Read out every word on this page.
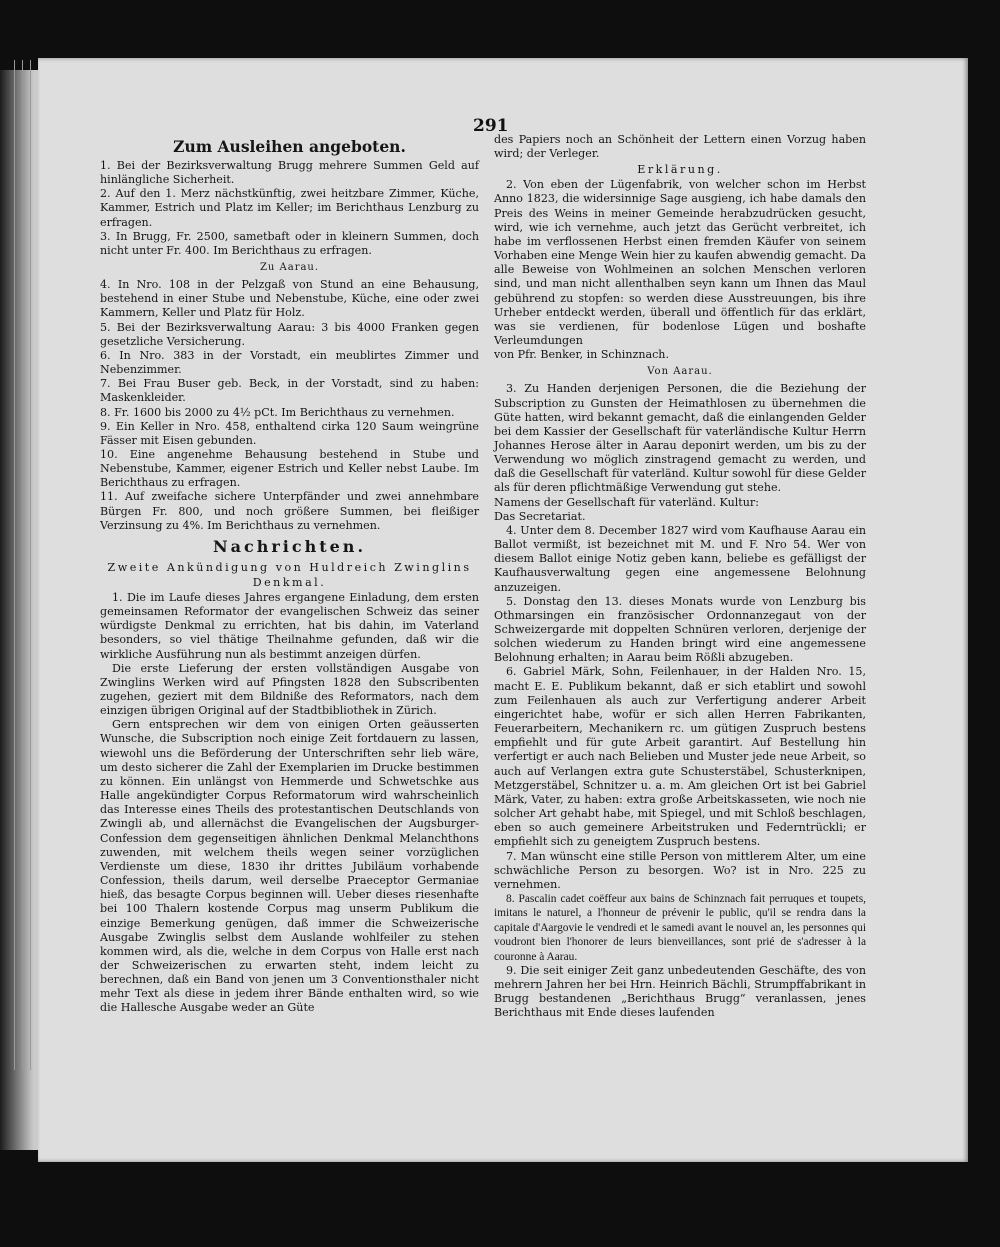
291
Zum Ausleihen angeboten.

1. Bei der Bezirksverwaltung Brugg mehrere Summen Geld auf hinlängliche Sicherheit.

2. Auf den 1. Merz nächstkünftig, zwei heitzbare Zimmer, Küche, Kammer, Estrich und Platz im Keller; im Berichthaus Lenzburg zu erfragen.

3. In Brugg, Fr. 2500, sametbaft oder in kleinern Summen, doch nicht unter Fr. 400. Im Berichthaus zu erfragen.

Zu Aarau.

4. In Nro. 108 in der Pelzgaß von Stund an eine Behausung, bestehend in einer Stube und Nebenstube, Küche, eine oder zwei Kammern, Keller und Platz für Holz.

5. Bei der Bezirksverwaltung Aarau: 3 bis 4000 Franken gegen gesetzliche Versicherung.

6. In Nro. 383 in der Vorstadt, ein meublirtes Zimmer und Nebenzimmer.

7. Bei Frau Buser geb. Beck, in der Vorstadt, sind zu haben: Maskenkleider.

8. Fr. 1600 bis 2000 zu 4½ pCt. Im Berichthaus zu vernehmen.

9. Ein Keller in Nro. 458, enthaltend cirka 120 Saum weingrüne Fässer mit Eisen gebunden.

10. Eine angenehme Behausung bestehend in Stube und Nebenstube, Kammer, eigener Estrich und Keller nebst Laube. Im Berichthaus zu erfragen.

11. Auf zweifache sichere Unterpfänder und zwei annehmbare Bürgen Fr. 800, und noch größere Summen, bei fleißiger Verzinsung zu 4%. Im Berichthaus zu vernehmen.

Nachrichten.
Zweite Ankündigung von Huldreich Zwinglins Denkmal.

1. Die im Laufe dieses Jahres ergangene Einladung, dem ersten gemeinsamen Reformator der evangelischen Schweiz das seiner würdigste Denkmal zu errichten, hat bis dahin, im Vaterland besonders, so viel thätige Theilnahme gefunden, daß wir die wirkliche Ausführung nun als bestimmt anzeigen dürfen.

Die erste Lieferung der ersten vollständigen Ausgabe von Zwinglins Werken wird auf Pfingsten 1828 den Subscribenten zugehen, geziert mit dem Bildniße des Reformators, nach dem einzigen übrigen Original auf der Stadtbibliothek in Zürich.

Gern entsprechen wir dem von einigen Orten geäusserten Wunsche, die Subscription noch einige Zeit fortdauern zu lassen, wiewohl uns die Beförderung der Unterschriften sehr lieb wäre, um desto sicherer die Zahl der Exemplarien im Drucke bestimmen zu können. Ein unlängst von Hemmerde und Schwetschke aus Halle angekündigter Corpus Reformatorum wird wahrscheinlich das Interesse eines Theils des protestantischen Deutschlands von Zwingli ab, und allernächst die Evangelischen der Augsburger-Confession dem gegenseitigen ähnlichen Denkmal Melanchthons zuwenden, mit welchem theils wegen seiner vorzüglichen Verdienste um diese, 1830 ihr drittes Jubiläum vorhabende Confession, theils darum, weil derselbe Praeceptor Germaniae hieß, das besagte Corpus beginnen will. Ueber dieses riesenhafte bei 100 Thalern kostende Corpus mag unserm Publikum die einzige Bemerkung genügen, daß immer die Schweizerische Ausgabe Zwinglis selbst dem Auslande wohlfeiler zu stehen kommen wird, als die, welche in dem Corpus von Halle erst nach der Schweizerischen zu erwarten steht, indem leicht zu berechnen, daß ein Band von jenen um 3 Conventionsthaler nicht mehr Text als diese in jedem ihrer Bände enthalten wird, so wie die Hallesche Ausgabe weder an Güte

des Papiers noch an Schönheit der Lettern einen Vorzug haben wird; der Verleger.

Erklärung.

2. Von eben der Lügenfabrik, von welcher schon im Herbst Anno 1823, die widersinnige Sage ausgieng, ich habe damals den Preis des Weins in meiner Gemeinde herabzudrücken gesucht, wird, wie ich vernehme, auch jetzt das Gerücht verbreitet, ich habe im verflossenen Herbst einen fremden Käufer von seinem Vorhaben eine Menge Wein hier zu kaufen abwendig gemacht. Da alle Beweise von Wohlmeinen an solchen Menschen verloren sind, und man nicht allenthalben seyn kann um Ihnen das Maul gebührend zu stopfen: so werden diese Ausstreuungen, bis ihre Urheber entdeckt werden, überall und öffentlich für das erklärt, was sie verdienen, für bodenlose Lügen und boshafte Verleumdungen

von Pfr. Benker, in Schinznach.

Von Aarau.

3. Zu Handen derjenigen Personen, die die Beziehung der Subscription zu Gunsten der Heimathlosen zu übernehmen die Güte hatten, wird bekannt gemacht, daß die einlangenden Gelder bei dem Kassier der Gesellschaft für vaterländische Kultur Herrn Johannes Herose älter in Aarau deponirt werden, um bis zu der Verwendung wo möglich zinstragend gemacht zu werden, und daß die Gesellschaft für vaterländ. Kultur sowohl für diese Gelder als für deren pflichtmäßige Verwendung gut stehe.

Namens der Gesellschaft für vaterländ. Kultur:

Das Secretariat.

4. Unter dem 8. December 1827 wird vom Kaufhause Aarau ein Ballot vermißt, ist bezeichnet mit M. und F. Nro 54. Wer von diesem Ballot einige Notiz geben kann, beliebe es gefälligst der Kaufhausverwaltung gegen eine angemessene Belohnung anzuzeigen.

5. Donstag den 13. dieses Monats wurde von Lenzburg bis Othmarsingen ein französischer Ordonnanzegaut von der Schweizergarde mit doppelten Schnüren verloren, derjenige der solchen wiederum zu Handen bringt wird eine angemessene Belohnung erhalten; in Aarau beim Rößli abzugeben.

6. Gabriel Märk, Sohn, Feilenhauer, in der Halden Nro. 15, macht E. E. Publikum bekannt, daß er sich etablirt und sowohl zum Feilenhauen als auch zur Verfertigung anderer Arbeit eingerichtet habe, wofür er sich allen Herren Fabrikanten, Feuerarbeitern, Mechanikern rc. um gütigen Zuspruch bestens empfiehlt und für gute Arbeit garantirt. Auf Bestellung hin verfertigt er auch nach Belieben und Muster jede neue Arbeit, so auch auf Verlangen extra gute Schusterstäbel, Schusterknipen, Metzgerstäbel, Schnitzer u. a. m. Am gleichen Ort ist bei Gabriel Märk, Vater, zu haben: extra große Arbeitskasseten, wie noch nie solcher Art gehabt habe, mit Spiegel, und mit Schloß beschlagen, eben so auch gemeinere Arbeitstruken und Federntrückli; er empfiehlt sich zu geneigtem Zuspruch bestens.

7. Man wünscht eine stille Person von mittlerem Alter, um eine schwächliche Person zu besorgen. Wo? ist in Nro. 225 zu vernehmen.

8. Pascalin cadet coëffeur aux bains de Schinznach fait perruques et toupets, imitans le naturel, a l'honneur de prévenir le public, qu'il se rendra dans la capitale d'Aargovie le vendredi et le samedi avant le nouvel an, les personnes qui voudront bien l'honorer de leurs bienveillances, sont prié de s'adresser à la couronne à Aarau.

9. Die seit einiger Zeit ganz unbedeutenden Geschäfte, des von mehrern Jahren her bei Hrn. Heinrich Bächli, Strumpffabrikant in Brugg bestandenen „Berichthaus Brugg“ veranlassen, jenes Berichthaus mit Ende dieses laufenden
